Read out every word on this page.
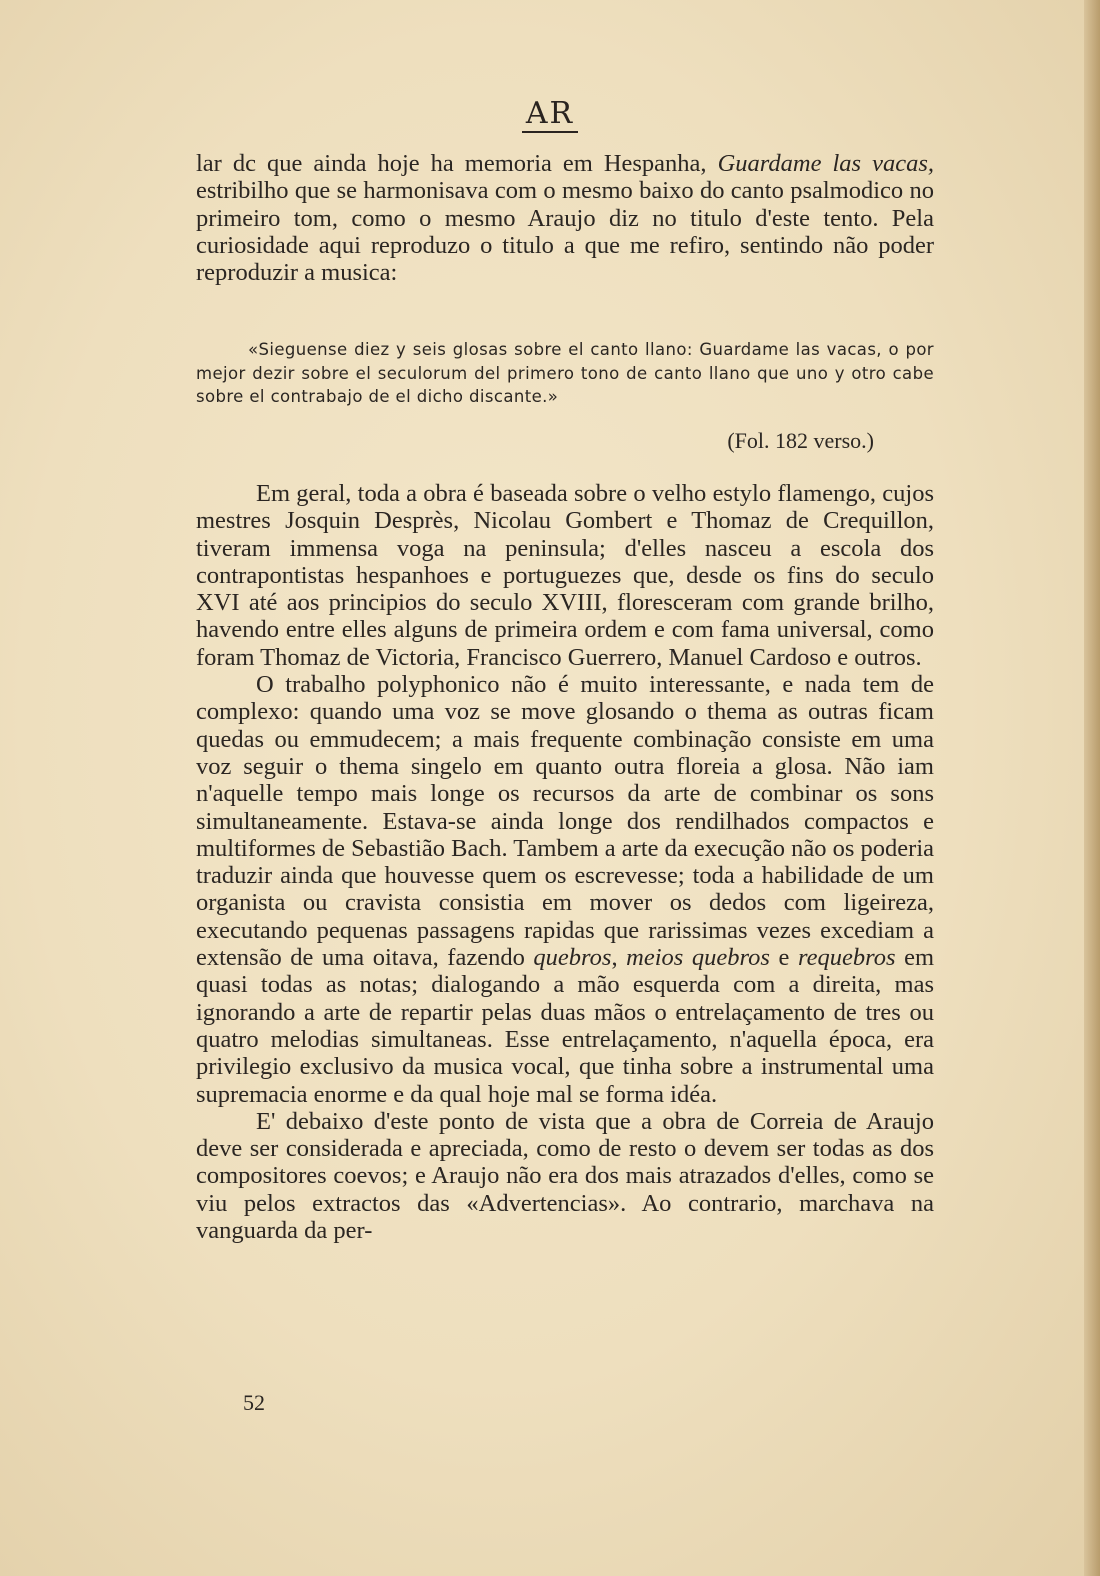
AR

lar dc que ainda hoje ha memoria em Hespanha, Guardame las vacas, estribilho que se harmonisava com o mesmo baixo do canto psalmodico no primeiro tom, como o mesmo Araujo diz no titulo d'este tento. Pela curiosidade aqui reproduzo o titulo a que me refiro, sentindo não poder reproduzir a musica:

«Sieguense diez y seis glosas sobre el canto llano: Guardame las vacas, o por mejor dezir sobre el seculorum del primero tono de canto llano que uno y otro cabe sobre el contrabajo de el dicho discante.»
(Fol. 182 verso.)

Em geral, toda a obra é baseada sobre o velho estylo flamengo, cujos mestres Josquin Desprès, Nicolau Gombert e Thomaz de Crequillon, tiveram immensa voga na peninsula; d'elles nasceu a escola dos contrapontistas hespanhoes e portuguezes que, desde os fins do seculo XVI até aos principios do seculo XVIII, floresceram com grande brilho, havendo entre elles alguns de primeira ordem e com fama universal, como foram Thomaz de Victoria, Francisco Guerrero, Manuel Cardoso e outros.

O trabalho polyphonico não é muito interessante, e nada tem de complexo: quando uma voz se move glosando o thema as outras ficam quedas ou emmudecem; a mais frequente combinação consiste em uma voz seguir o thema singelo em quanto outra floreia a glosa. Não iam n'aquelle tempo mais longe os recursos da arte de combinar os sons simultaneamente. Estava-se ainda longe dos rendilhados compactos e multiformes de Sebastião Bach. Tambem a arte da execução não os poderia traduzir ainda que houvesse quem os escrevesse; toda a habilidade de um organista ou cravista consistia em mover os dedos com ligeireza, executando pequenas passagens rapidas que rarissimas vezes excediam a extensão de uma oitava, fazendo quebros, meios quebros e requebros em quasi todas as notas; dialogando a mão esquerda com a direita, mas ignorando a arte de repartir pelas duas mãos o entrelaçamento de tres ou quatro melodias simultaneas. Esse entrelaçamento, n'aquella época, era privilegio exclusivo da musica vocal, que tinha sobre a instrumental uma supremacia enorme e da qual hoje mal se forma idéa.

E' debaixo d'este ponto de vista que a obra de Correia de Araujo deve ser considerada e apreciada, como de resto o devem ser todas as dos compositores coevos; e Araujo não era dos mais atrazados d'elles, como se viu pelos extractos das «Advertencias». Ao contrario, marchava na vanguarda da per-

52
